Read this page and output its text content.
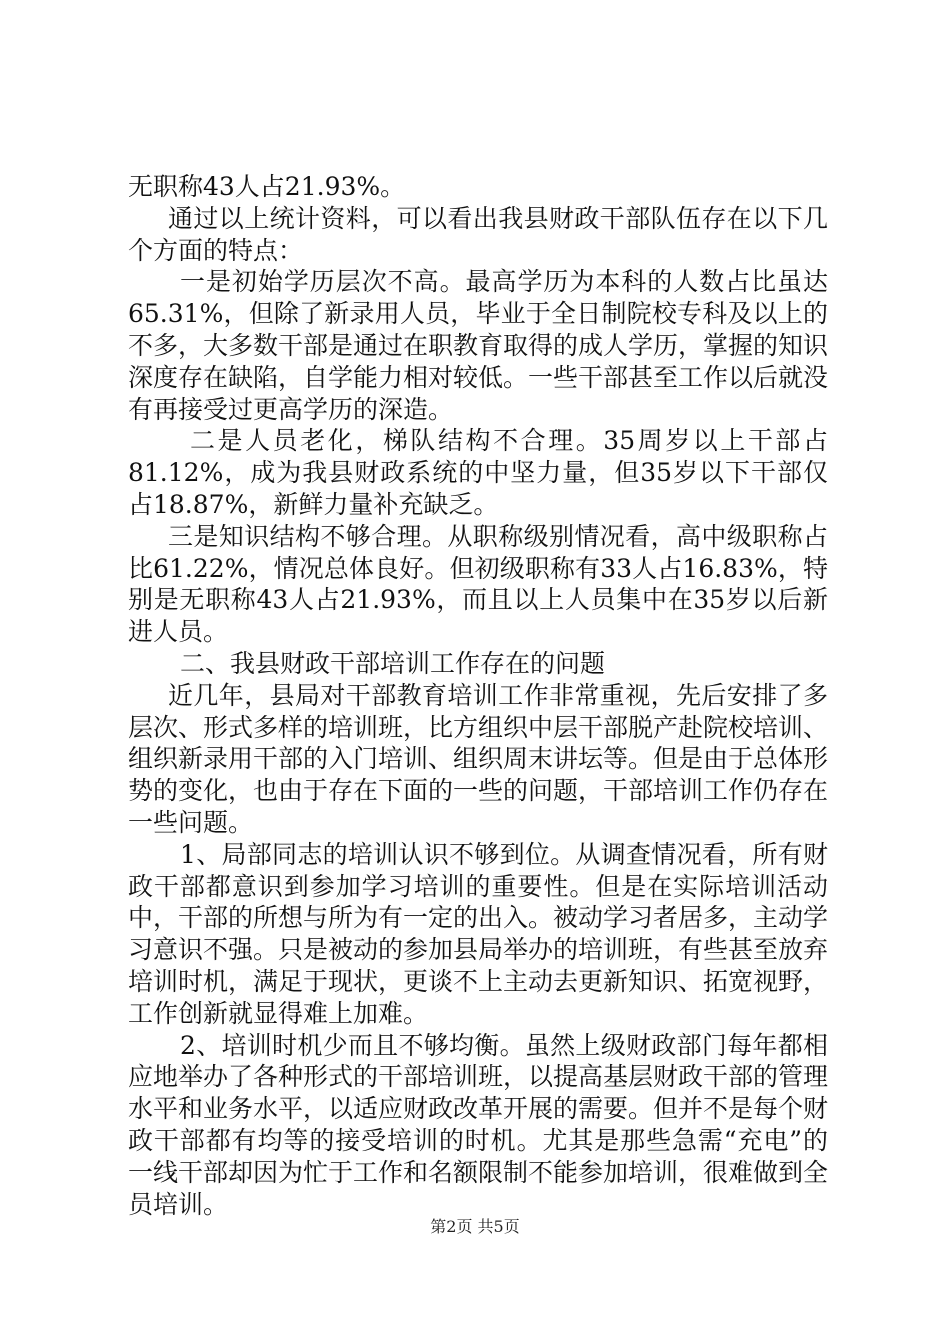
无职称43人占21.93%。

通过以上统计资料，可以看出我县财政干部队伍存在以下几个方面的特点：

一是初始学历层次不高。最高学历为本科的人数占比虽达65.31%，但除了新录用人员，毕业于全日制院校专科及以上的不多，大多数干部是通过在职教育取得的成人学历，掌握的知识深度存在缺陷，自学能力相对较低。一些干部甚至工作以后就没有再接受过更高学历的深造。

二是人员老化，梯队结构不合理。35周岁以上干部占81.12%，成为我县财政系统的中坚力量，但35岁以下干部仅占18.87%，新鲜力量补充缺乏。

三是知识结构不够合理。从职称级别情况看，高中级职称占比61.22%，情况总体良好。但初级职称有33人占16.83%，特别是无职称43人占21.93%，而且以上人员集中在35岁以后新进人员。

二、我县财政干部培训工作存在的问题

近几年，县局对干部教育培训工作非常重视，先后安排了多层次、形式多样的培训班，比方组织中层干部脱产赴院校培训、组织新录用干部的入门培训、组织周末讲坛等。但是由于总体形势的变化，也由于存在下面的一些的问题，干部培训工作仍存在一些问题。

1、局部同志的培训认识不够到位。从调查情况看，所有财政干部都意识到参加学习培训的重要性。但是在实际培训活动中，干部的所想与所为有一定的出入。被动学习者居多，主动学习意识不强。只是被动的参加县局举办的培训班，有些甚至放弃培训时机，满足于现状，更谈不上主动去更新知识、拓宽视野，工作创新就显得难上加难。

2、培训时机少而且不够均衡。虽然上级财政部门每年都相应地举办了各种形式的干部培训班，以提高基层财政干部的管理水平和业务水平，以适应财政改革开展的需要。但并不是每个财政干部都有均等的接受培训的时机。尤其是那些急需“充电”的一线干部却因为忙于工作和名额限制不能参加培训，很难做到全员培训。

第2页 共5页
